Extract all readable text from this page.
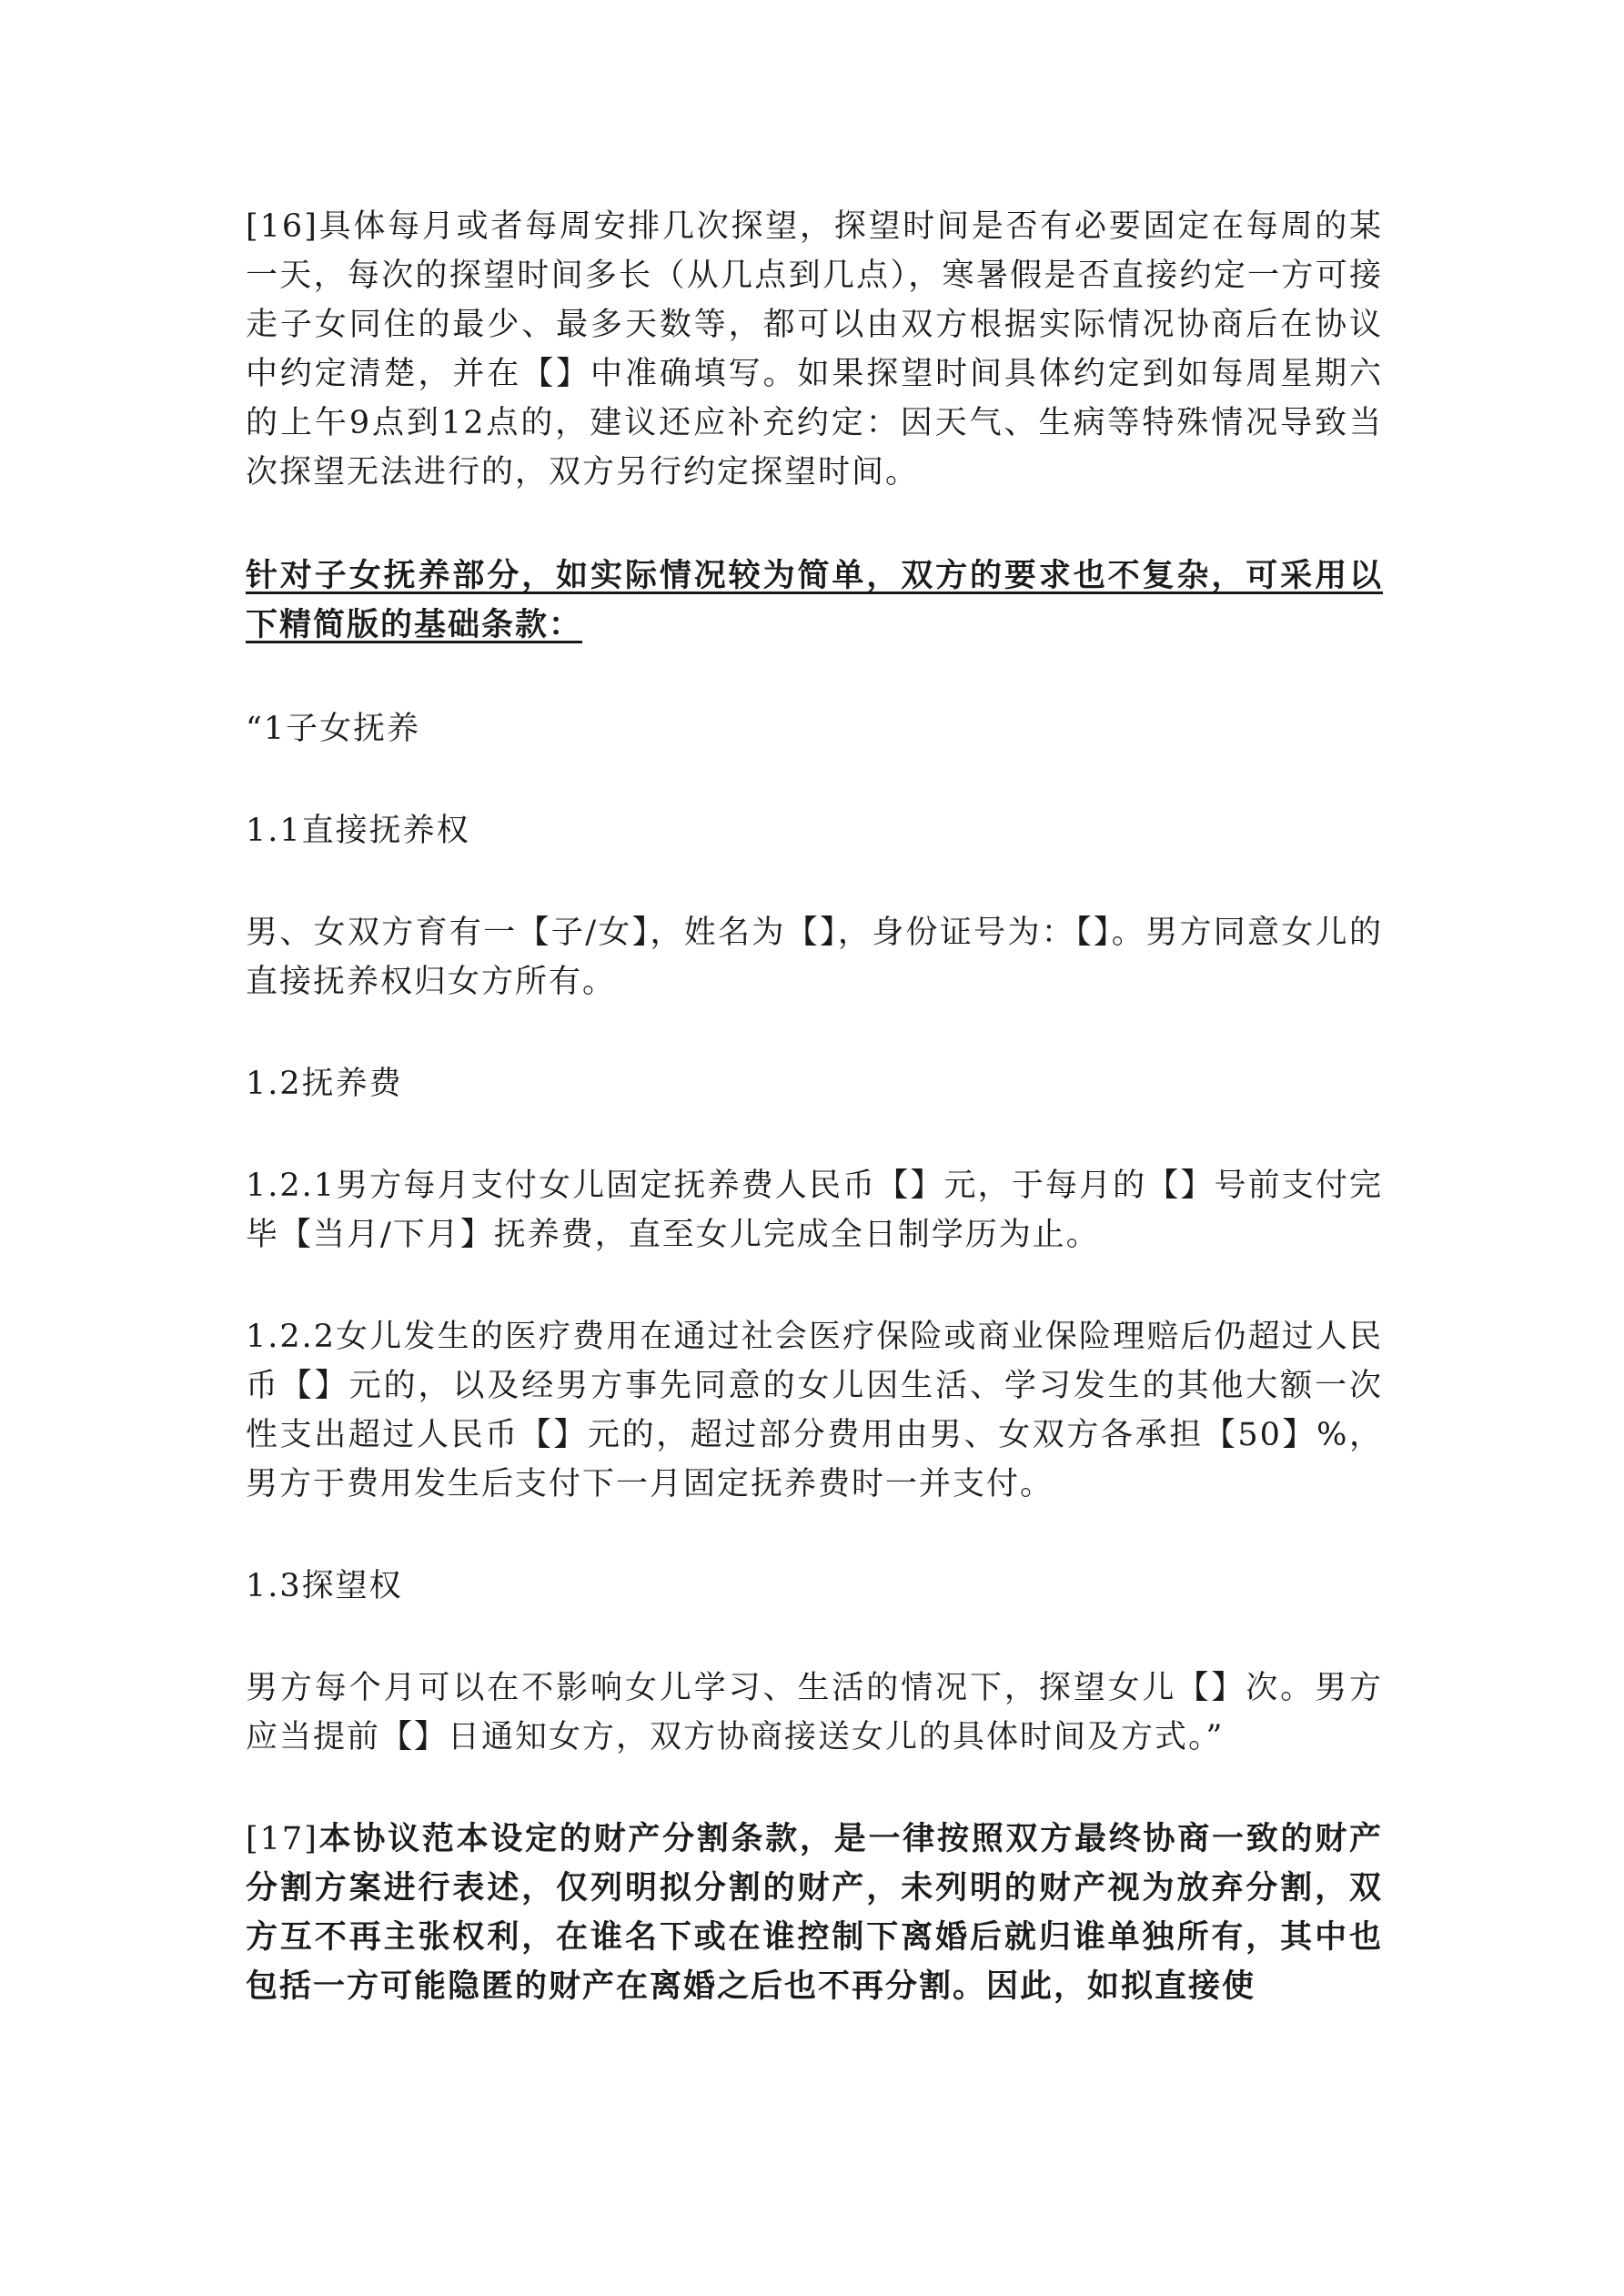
[16]具体每月或者每周安排几次探望，探望时间是否有必要固定在每周的某一天，每次的探望时间多长（从几点到几点），寒暑假是否直接约定一方可接走子女同住的最少、最多天数等，都可以由双方根据实际情况协商后在协议中约定清楚，并在【】中准确填写。如果探望时间具体约定到如每周星期六的上午9点到12点的，建议还应补充约定：因天气、生病等特殊情况导致当次探望无法进行的，双方另行约定探望时间。

针对子女抚养部分，如实际情况较为简单，双方的要求也不复杂，可采用以下精简版的基础条款：

“1子女抚养

1.1直接抚养权

男、女双方育有一【子/女】，姓名为【】，身份证号为：【】。男方同意女儿的直接抚养权归女方所有。

1.2抚养费

1.2.1男方每月支付女儿固定抚养费人民币【】元，于每月的【】号前支付完毕【当月/下月】抚养费，直至女儿完成全日制学历为止。

1.2.2女儿发生的医疗费用在通过社会医疗保险或商业保险理赔后仍超过人民币【】元的，以及经男方事先同意的女儿因生活、学习发生的其他大额一次性支出超过人民币【】元的，超过部分费用由男、女双方各承担【50】%，男方于费用发生后支付下一月固定抚养费时一并支付。

1.3探望权

男方每个月可以在不影响女儿学习、生活的情况下，探望女儿【】次。男方应当提前【】日通知女方，双方协商接送女儿的具体时间及方式。”

[17]本协议范本设定的财产分割条款，是一律按照双方最终协商一致的财产分割方案进行表述，仅列明拟分割的财产，未列明的财产视为放弃分割，双方互不再主张权利，在谁名下或在谁控制下离婚后就归谁单独所有，其中也包括一方可能隐匿的财产在离婚之后也不再分割。因此，如拟直接使
